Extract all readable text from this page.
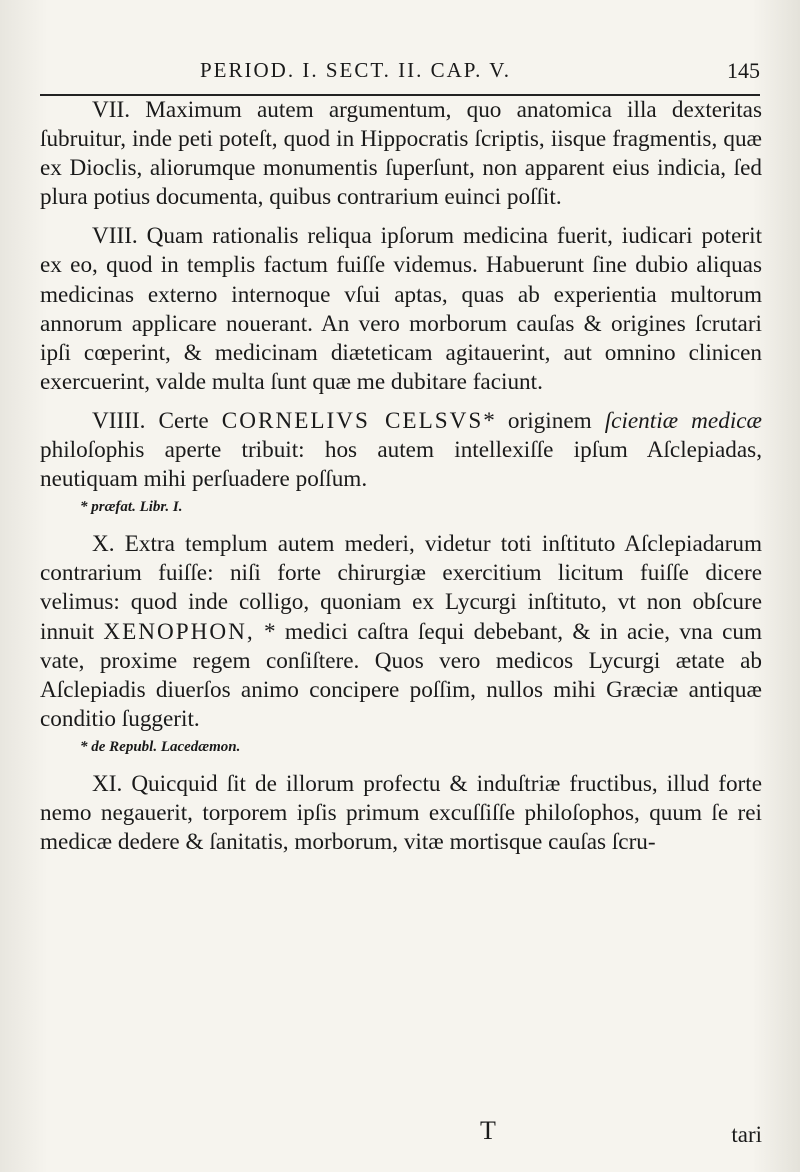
PERIOD. I. SECT. II. CAP. V.	145

VII. Maximum autem argumentum, quo anatomica illa dexteritas ſubruitur, inde peti poteſt, quod in Hippocratis ſcriptis, iisque fragmentis, quæ ex Dioclis, aliorumque monumentis ſuperſunt, non apparent eius indicia, ſed plura potius documenta, quibus contrarium euinci poſſit.

VIII. Quam rationalis reliqua ipſorum medicina fuerit, iudicari poterit ex eo, quod in templis factum fuiſſe videmus. Habuerunt ſine dubio aliquas medicinas externo internoque vſui aptas, quas ab experientia multorum annorum applicare nouerant. An vero morborum cauſas & origines ſcrutari ipſi cœperint, & medicinam diæteticam agitauerint, aut omnino clinicen exercuerint, valde multa ſunt quæ me dubitare faciunt.

VIIII. Certe CORNELIVS CELSVS* originem ſcientiæ medicæ philoſophis aperte tribuit: hos autem intellexiſſe ipſum Aſclepiadas, neutiquam mihi perſuadere poſſum.

* præfat. Libr. I.

X. Extra templum autem mederi, videtur toti inſtituto Aſclepiadarum contrarium fuiſſe: niſi forte chirurgiæ exercitium licitum fuiſſe dicere velimus: quod inde colligo, quoniam ex Lycurgi inſtituto, vt non obſcure innuit XENOPHON, * medici caſtra ſequi debebant, & in acie, vna cum vate, proxime regem conſiſtere. Quos vero medicos Lycurgi ætate ab Aſclepiadis diuerſos animo concipere poſſim, nullos mihi Græciæ antiquæ conditio ſuggerit.

* de Republ. Lacedæmon.

XI. Quicquid ſit de illorum profectu & induſtriæ fructibus, illud forte nemo negauerit, torporem ipſis primum excuſſiſſe philoſophos, quum ſe rei medicæ dedere & ſanitatis, morborum, vitæ mortisque cauſas ſcru-

T	tari
